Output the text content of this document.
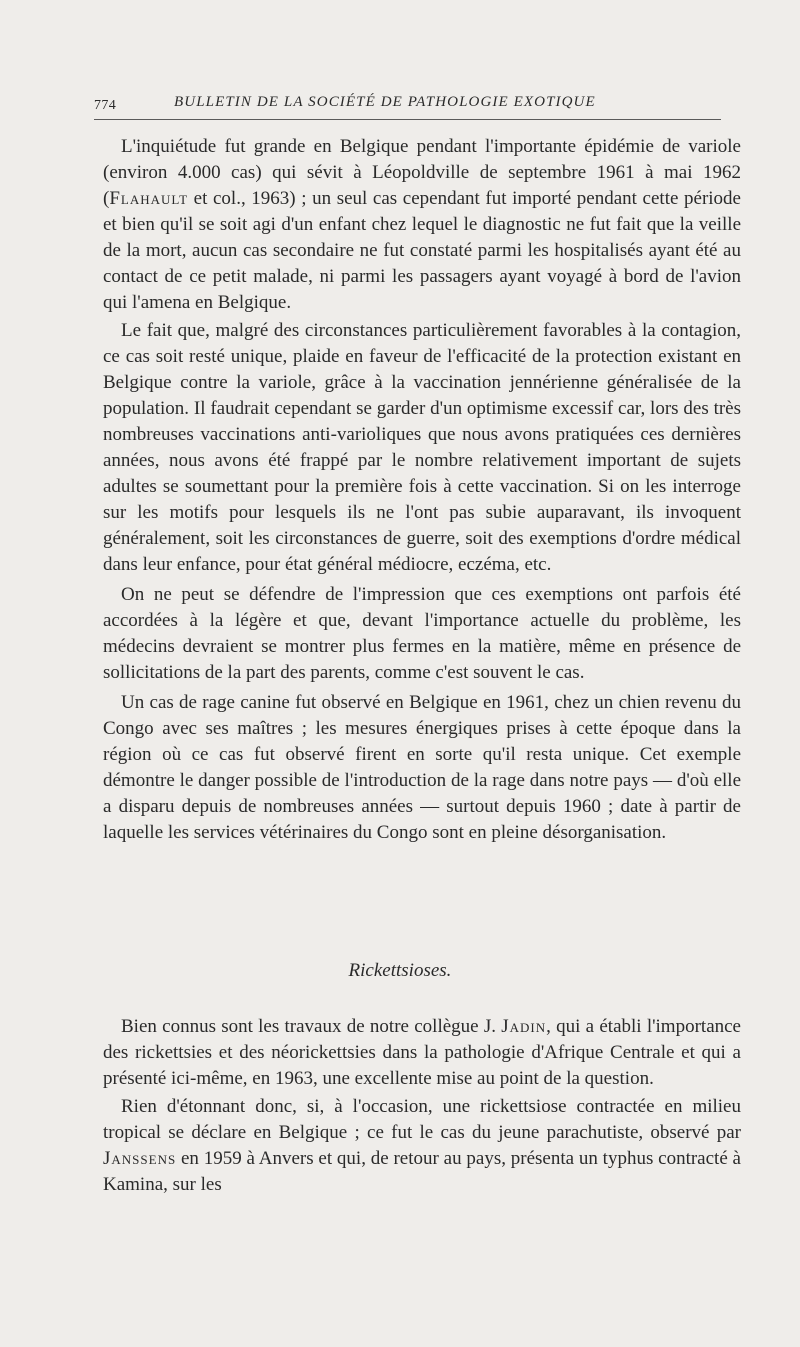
774	BULLETIN DE LA SOCIÉTÉ DE PATHOLOGIE EXOTIQUE

L'inquiétude fut grande en Belgique pendant l'importante épidémie de variole (environ 4.000 cas) qui sévit à Léopoldville de septembre 1961 à mai 1962 (Flahault et col., 1963) ; un seul cas cependant fut importé pendant cette période et bien qu'il se soit agi d'un enfant chez lequel le diagnostic ne fut fait que la veille de la mort, aucun cas secondaire ne fut constaté parmi les hospitalisés ayant été au contact de ce petit malade, ni parmi les passagers ayant voyagé à bord de l'avion qui l'amena en Belgique.

Le fait que, malgré des circonstances particulièrement favorables à la contagion, ce cas soit resté unique, plaide en faveur de l'efficacité de la protection existant en Belgique contre la variole, grâce à la vaccination jennérienne généralisée de la population. Il faudrait cependant se garder d'un optimisme excessif car, lors des très nombreuses vaccinations anti-varioliques que nous avons pratiquées ces dernières années, nous avons été frappé par le nombre relativement important de sujets adultes se soumettant pour la première fois à cette vaccination. Si on les interroge sur les motifs pour lesquels ils ne l'ont pas subie auparavant, ils invoquent généralement, soit les circonstances de guerre, soit des exemptions d'ordre médical dans leur enfance, pour état général médiocre, eczéma, etc.

On ne peut se défendre de l'impression que ces exemptions ont parfois été accordées à la légère et que, devant l'importance actuelle du problème, les médecins devraient se montrer plus fermes en la matière, même en présence de sollicitations de la part des parents, comme c'est souvent le cas.

Un cas de rage canine fut observé en Belgique en 1961, chez un chien revenu du Congo avec ses maîtres ; les mesures énergiques prises à cette époque dans la région où ce cas fut observé firent en sorte qu'il resta unique. Cet exemple démontre le danger possible de l'introduction de la rage dans notre pays — d'où elle a disparu depuis de nombreuses années — surtout depuis 1960 ; date à partir de laquelle les services vétérinaires du Congo sont en pleine désorganisation.

Rickettsioses.

Bien connus sont les travaux de notre collègue J. Jadin, qui a établi l'importance des rickettsies et des néorickettsies dans la pathologie d'Afrique Centrale et qui a présenté ici-même, en 1963, une excellente mise au point de la question.

Rien d'étonnant donc, si, à l'occasion, une rickettsiose contractée en milieu tropical se déclare en Belgique ; ce fut le cas du jeune parachutiste, observé par Janssens en 1959 à Anvers et qui, de retour au pays, présenta un typhus contracté à Kamina, sur les
